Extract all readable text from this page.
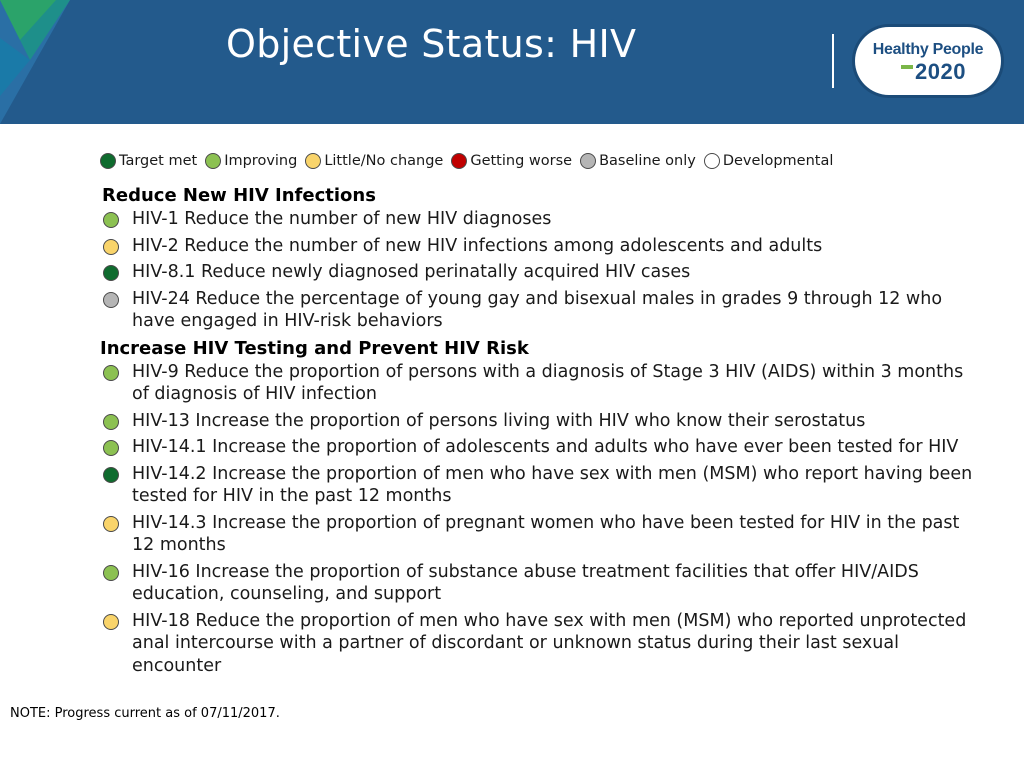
Objective Status: HIV	Healthy People
2020
Target met Improving Little/No change Getting worse Baseline only Developmental
Reduce New HIV Infections
HIV-1 Reduce the number of new HIV diagnoses
HIV-2 Reduce the number of new HIV infections among adolescents and adults
HIV-8.1 Reduce newly diagnosed perinatally acquired HIV cases
HIV-24 Reduce the percentage of young gay and bisexual males in grades 9 through 12 who have engaged in HIV-risk behaviors
Increase HIV Testing and Prevent HIV Risk
HIV-9 Reduce the proportion of persons with a diagnosis of Stage 3 HIV (AIDS) within 3 months of diagnosis of HIV infection
HIV-13 Increase the proportion of persons living with HIV who know their serostatus
HIV-14.1 Increase the proportion of adolescents and adults who have ever been tested for HIV
HIV-14.2 Increase the proportion of men who have sex with men (MSM) who report having been tested for HIV in the past 12 months
HIV-14.3 Increase the proportion of pregnant women who have been tested for HIV in the past 12 months
HIV-16 Increase the proportion of substance abuse treatment facilities that offer HIV/AIDS education, counseling, and support
HIV-18 Reduce the proportion of men who have sex with men (MSM) who reported unprotected anal intercourse with a partner of discordant or unknown status during their last sexual encounter
NOTE: Progress current as of 07/11/2017.
